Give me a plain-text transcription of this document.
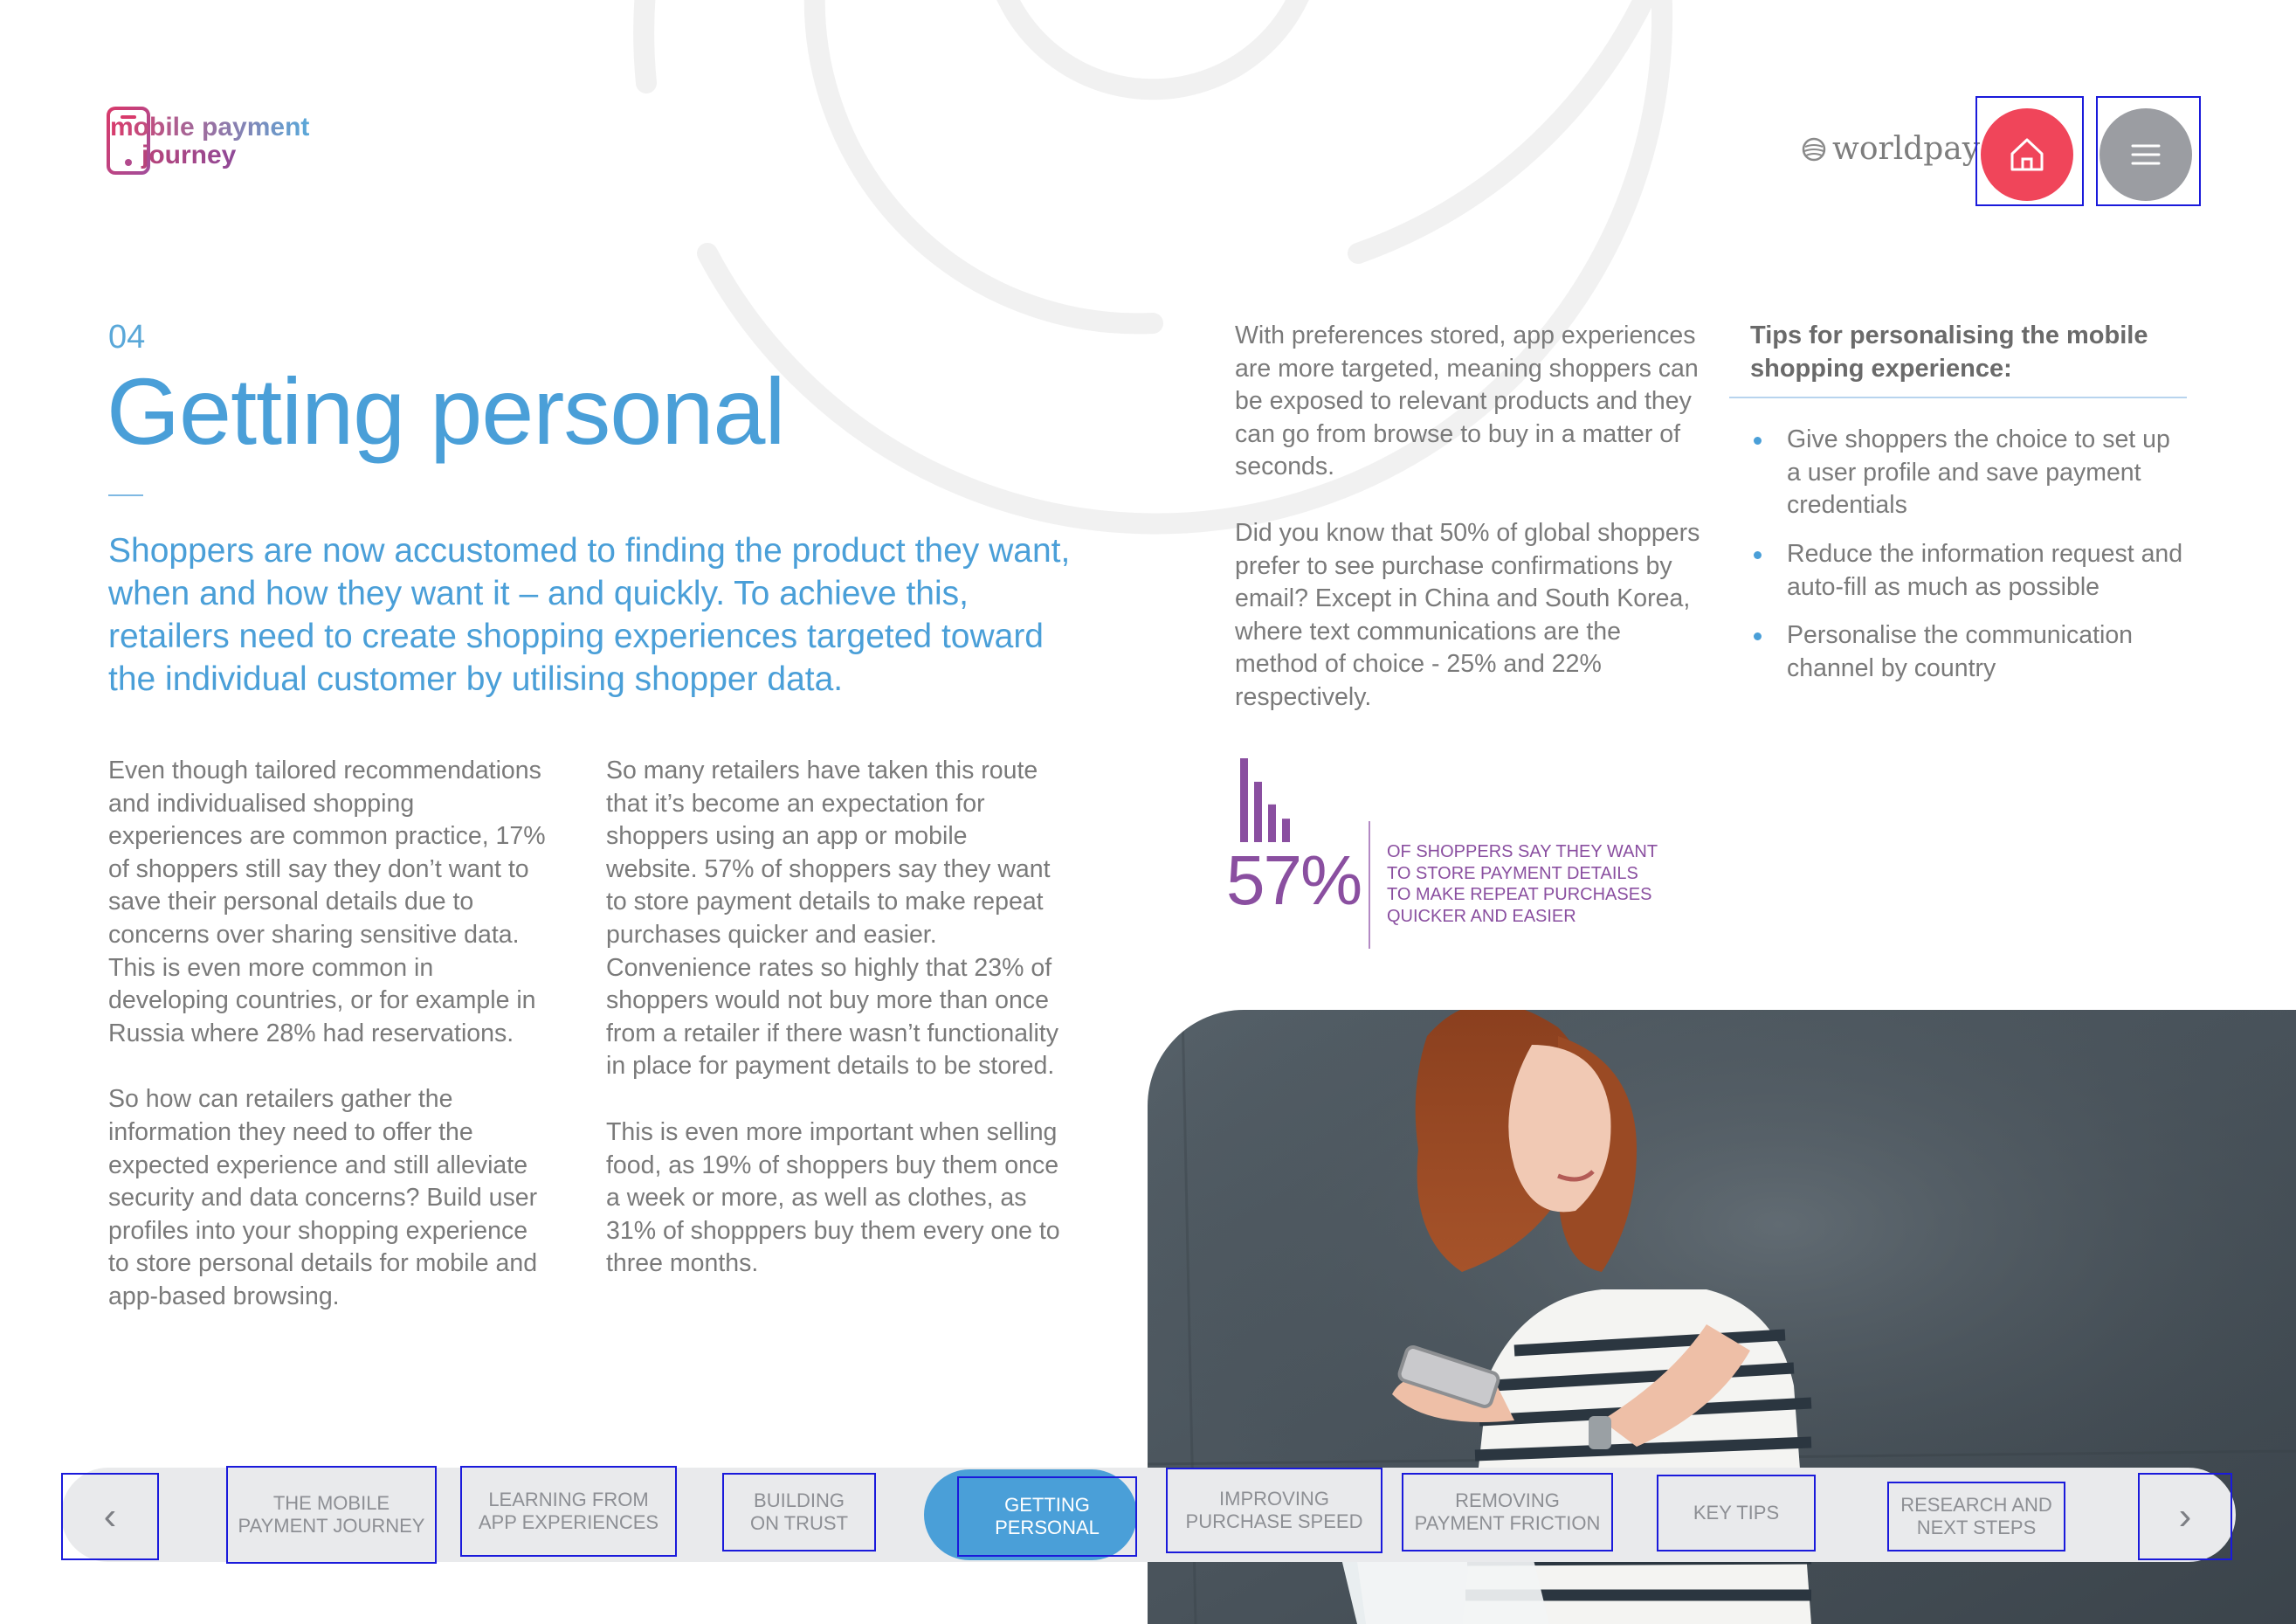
mobile payment
journey	worldpay
04
Getting personal
Shoppers are now accustomed to finding the product they want, when and how they want it – and quickly. To achieve this, retailers need to create shopping experiences targeted toward the individual customer by utilising shopper data.

Even though tailored recommendations and individualised shopping experiences are common practice, 17% of shoppers still say they don’t want to save their personal details due to concerns over sharing sensitive data. This is even more common in developing countries, or for example in Russia where 28% had reservations.

So how can retailers gather the information they need to offer the expected experience and still alleviate security and data concerns? Build user profiles into your shopping experience to store personal details for mobile and app-based browsing.

So many retailers have taken this route that it’s become an expectation for shoppers using an app or mobile website. 57% of shoppers say they want to store payment details to make repeat purchases quicker and easier. Convenience rates so highly that 23% of shoppers would not buy more than once from a retailer if there wasn’t functionality in place for payment details to be stored.

This is even more important when selling food, as 19% of shoppers buy them once a week or more, as well as clothes, as 31% of shopppers buy them every one to three months.

With preferences stored, app experiences are more targeted, meaning shoppers can be exposed to relevant products and they can go from browse to buy in a matter of seconds.

Did you know that 50% of global shoppers prefer to see purchase confirmations by email? Except in China and South Korea, where text communications are the method of choice - 25% and 22% respectively.

Tips for personalising the mobile shopping experience:
Give shoppers the choice to set up a user profile and save payment credentials
Reduce the information request and auto-fill as much as possible
Personalise the communication channel by country
57% OF SHOPPERS SAY THEY WANT TO STORE PAYMENT DETAILS TO MAKE REPEAT PURCHASES QUICKER AND EASIER
‹	THE MOBILE
PAYMENT JOURNEY
LEARNING FROM
APP EXPERIENCES
BUILDING
ON TRUST
GETTING
PERSONAL
IMPROVING
PURCHASE SPEED
REMOVING
PAYMENT FRICTION	KEY TIPS	RESEARCH AND
NEXT STEPS	›
